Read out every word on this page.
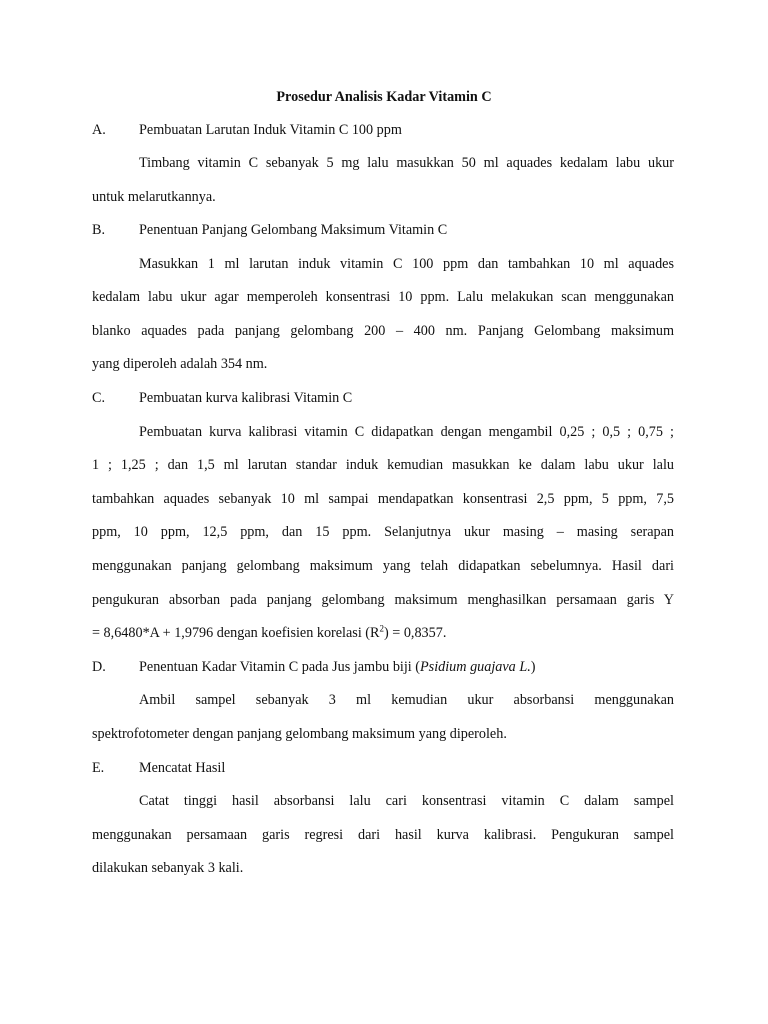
Prosedur Analisis Kadar Vitamin C
A. Pembuatan Larutan Induk Vitamin C 100 ppm
Timbang vitamin C sebanyak 5 mg lalu masukkan 50 ml aquades kedalam labu ukur
untuk melarutkannya.
B. Penentuan Panjang Gelombang Maksimum Vitamin C
Masukkan 1 ml larutan induk vitamin C 100 ppm dan tambahkan 10 ml aquades
kedalam labu ukur agar memperoleh konsentrasi 10 ppm. Lalu melakukan scan menggunakan
blanko aquades pada panjang gelombang 200 – 400 nm. Panjang Gelombang maksimum
yang diperoleh adalah 354 nm.
C. Pembuatan kurva kalibrasi Vitamin C
Pembuatan kurva kalibrasi vitamin C didapatkan dengan mengambil 0,25 ; 0,5 ; 0,75 ;
1 ; 1,25 ; dan 1,5 ml larutan standar induk kemudian masukkan ke dalam labu ukur lalu
tambahkan aquades sebanyak 10 ml sampai mendapatkan konsentrasi 2,5 ppm, 5 ppm, 7,5
ppm, 10 ppm, 12,5 ppm, dan 15 ppm. Selanjutnya ukur masing – masing serapan
menggunakan panjang gelombang maksimum yang telah didapatkan sebelumnya. Hasil dari
pengukuran absorban pada panjang gelombang maksimum menghasilkan persamaan garis Y
= 8,6480*A + 1,9796 dengan koefisien korelasi $(R^2) = 0,8357$.
D. Penentuan Kadar Vitamin C pada Jus jambu biji (Psidium guajava L.)
Ambil sampel sebanyak 3 ml kemudian ukur absorbansi menggunakan
spektrofotometer dengan panjang gelombang maksimum yang diperoleh.
E. Mencatat Hasil
Catat tinggi hasil absorbansi lalu cari konsentrasi vitamin C dalam sampel
menggunakan persamaan garis regresi dari hasil kurva kalibrasi. Pengukuran sampel
dilakukan sebanyak 3 kali.
